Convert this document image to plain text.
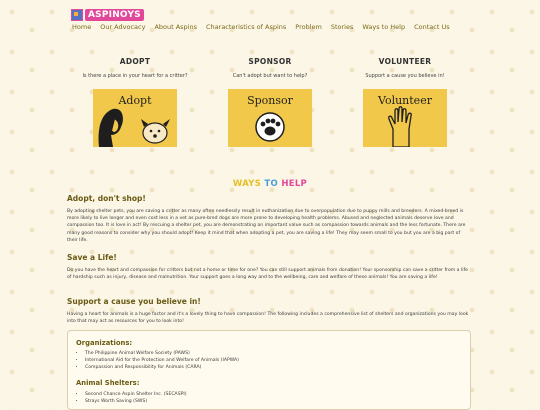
ASPINOYS
Home Our Advocacy About Aspins Characteristics of Aspins Problem Stories Ways to Help Contact Us
ADOPT
Is there a place in your heart for a critter?
Adopt
SPONSOR
Can't adopt but want to help?
Sponsor
VOLUNTEER
Support a cause you believe in!
Volunteer
WAYS TO HELP
Adopt, don't shop!
By adopting shelter pets, you are saving a critter as many often needlessly result in euthanization due to overpopulation due to puppy mills and breeders. A mixed-breed is more likely to live longer and even cost less in a vet as pure-bred dogs are more prone to developing health problems. Abused and neglected animals deserve love and compassion too. It is love in act! By rescuing a shelter pet, you are demonstrating an important value such as compassion towards animals and the less fortunate. There are many good reasons to consider why you should adopt! Keep it mind that when adopting a pet, you are saving a life! They may seem small to you but you are a big part of their life.
Save a Life!
Do you have the heart and compassion for critters but not a home or time for one? You can still support animals from donation! Your sponsorship can save a critter from a life of hardship such as injury, disease and malnutrition. Your support goes a long way and to the wellbeing, care and welfare of these animals! You are saving a life!
Support a cause you believe in!
Having a heart for animals is a huge factor and it's a lovely thing to have compassion! The following includes a comprehensive list of shelters and organizations you may look into that may act as resources for you to look into!
Organizations:
• The Philippine Animal Welfare Society (PAWS)
• International Aid for the Protection and Welfare of Animals (IAPWA)
• Compassion and Responsibility for Animals (CARA)
Animal Shelters:
• Second Chance Aspin Shelter Inc. (SECASPI)
• Strays Worth Saving (SWS)
